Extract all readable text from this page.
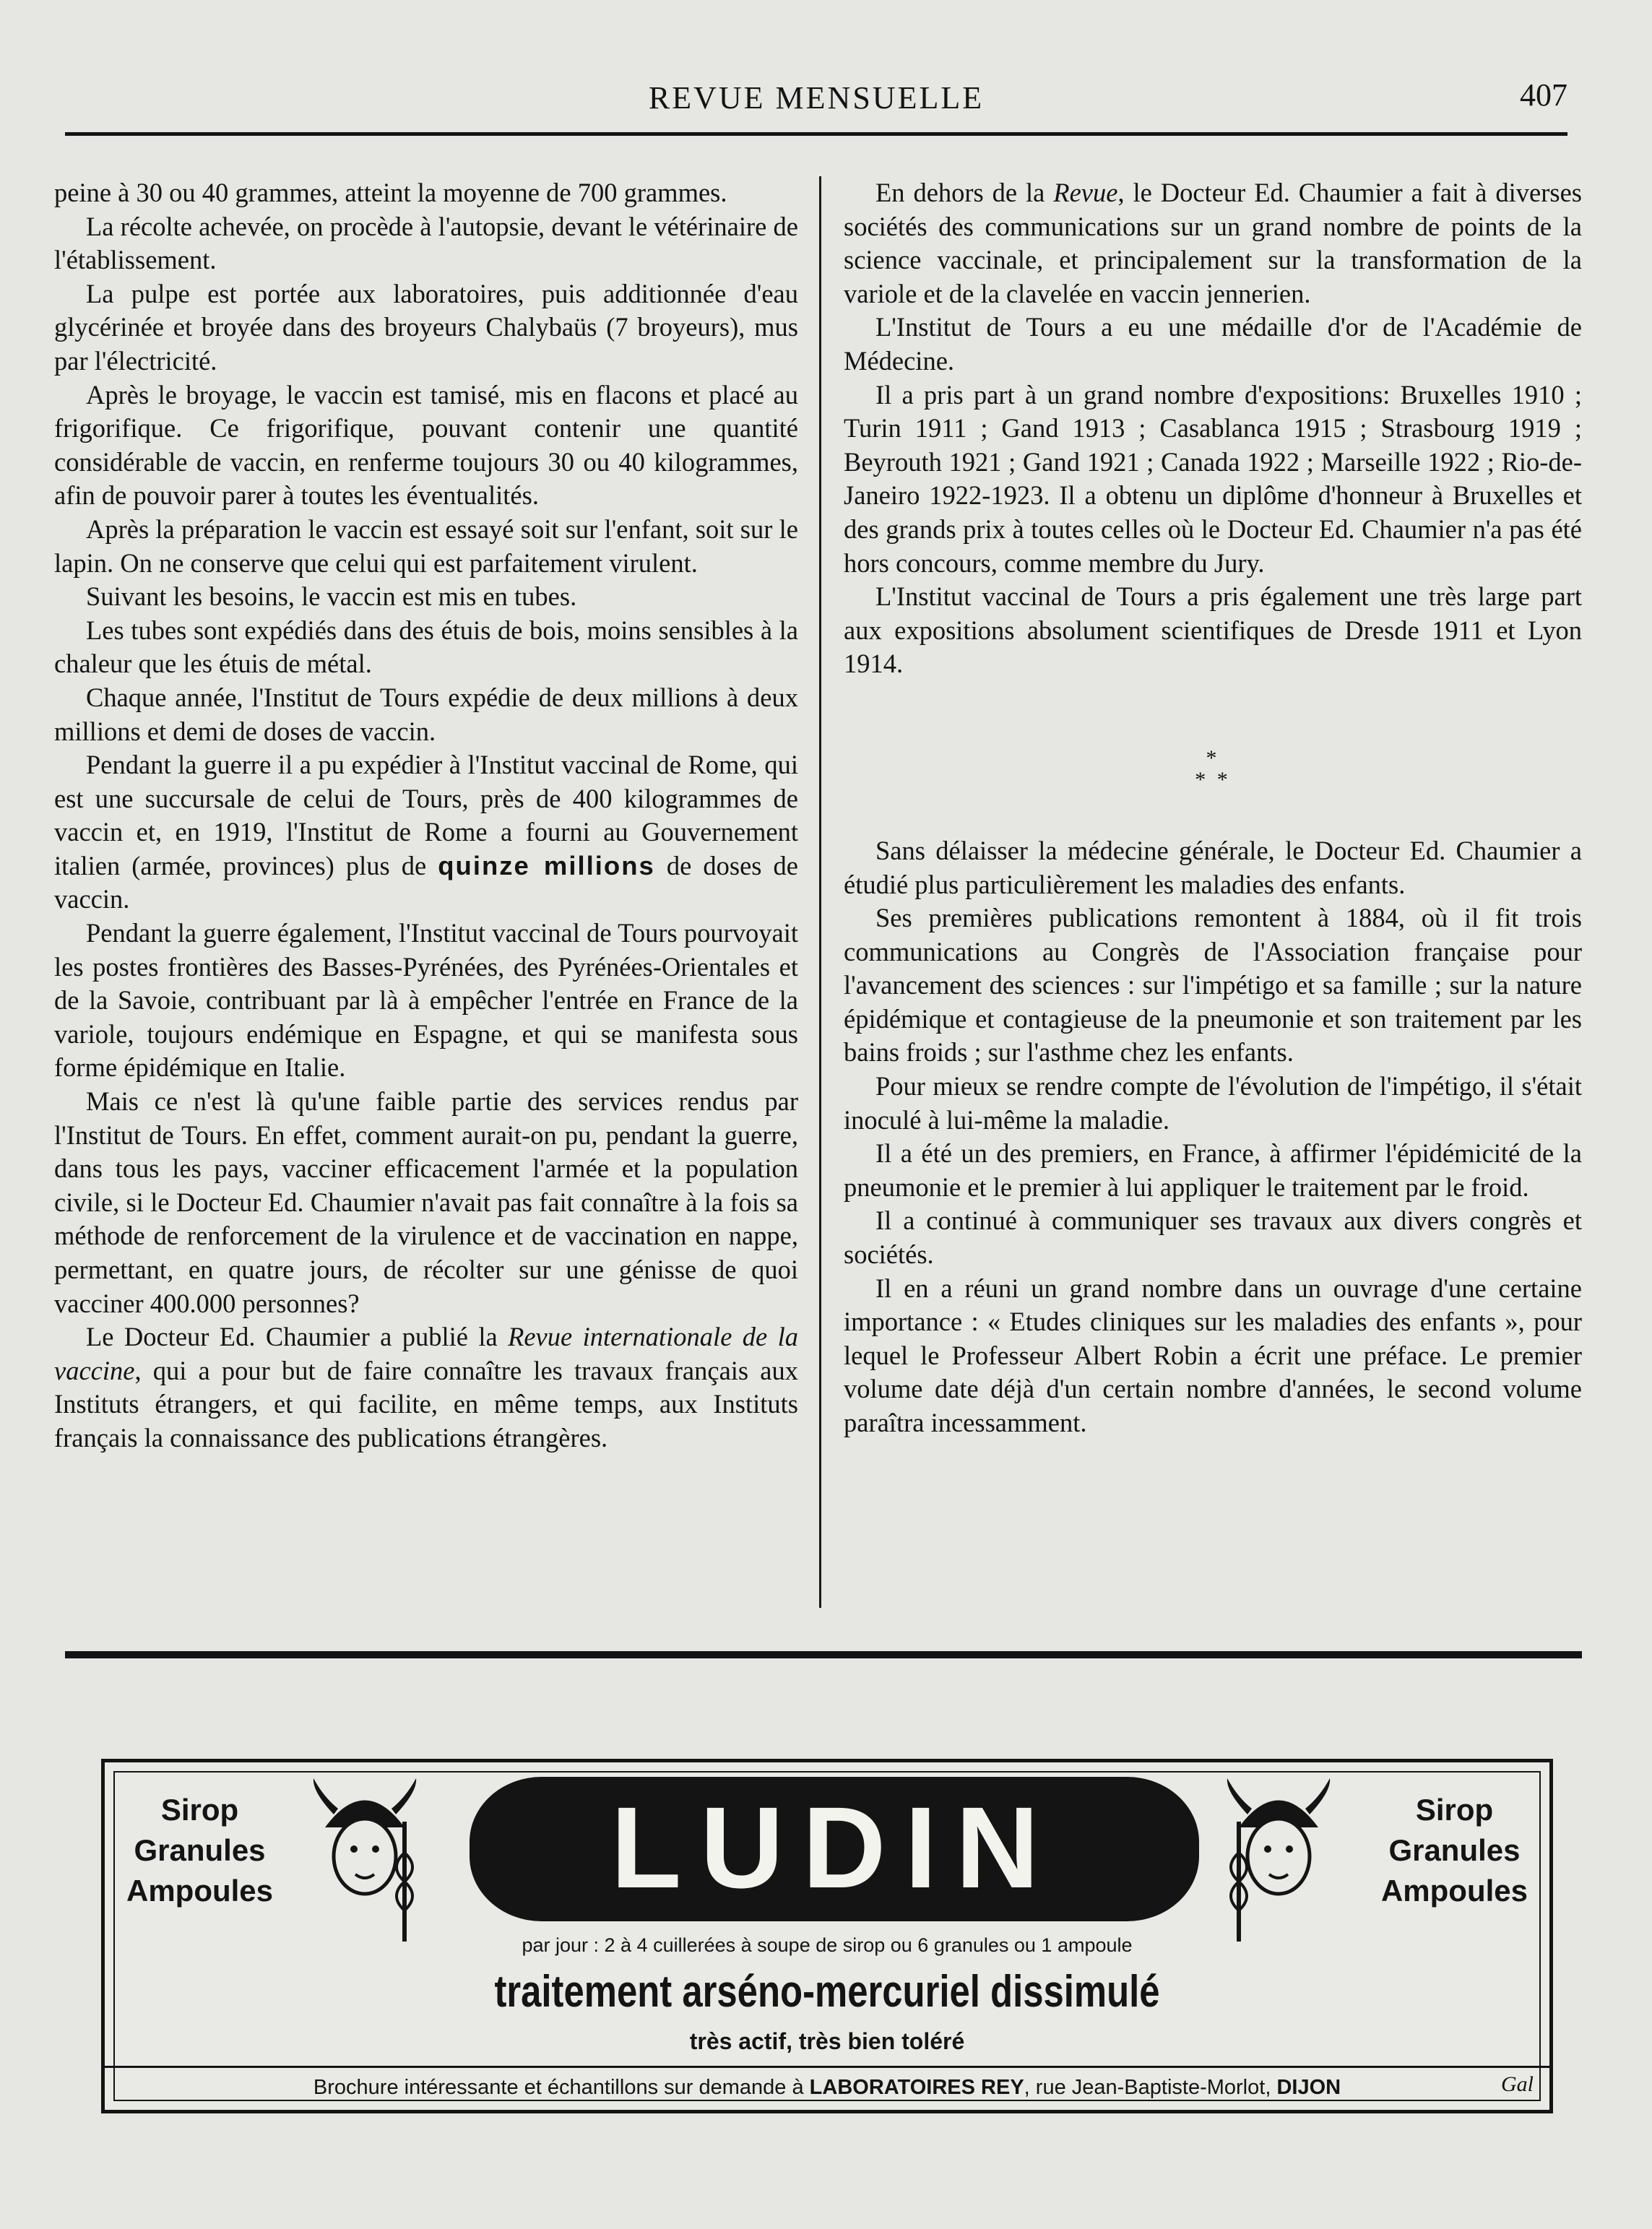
REVUE MENSUELLE	407

peine à 30 ou 40 grammes, atteint la moyenne de 700 grammes.

La récolte achevée, on procède à l'autopsie, devant le vétérinaire de l'établissement.

La pulpe est portée aux laboratoires, puis additionnée d'eau glycérinée et broyée dans des broyeurs Chalybaüs (7 broyeurs), mus par l'électricité.

Après le broyage, le vaccin est tamisé, mis en flacons et placé au frigorifique. Ce frigorifique, pouvant contenir une quantité considérable de vaccin, en renferme toujours 30 ou 40 kilogrammes, afin de pouvoir parer à toutes les éventualités.

Après la préparation le vaccin est essayé soit sur l'enfant, soit sur le lapin. On ne conserve que celui qui est parfaitement virulent.

Suivant les besoins, le vaccin est mis en tubes.

Les tubes sont expédiés dans des étuis de bois, moins sensibles à la chaleur que les étuis de métal.

Chaque année, l'Institut de Tours expédie de deux millions à deux millions et demi de doses de vaccin.

Pendant la guerre il a pu expédier à l'Institut vaccinal de Rome, qui est une succursale de celui de Tours, près de 400 kilogrammes de vaccin et, en 1919, l'Institut de Rome a fourni au Gouvernement italien (armée, provinces) plus de quinze millions de doses de vaccin.

Pendant la guerre également, l'Institut vaccinal de Tours pourvoyait les postes frontières des Basses-Pyrénées, des Pyrénées-Orientales et de la Savoie, contribuant par là à empêcher l'entrée en France de la variole, toujours endémique en Espagne, et qui se manifesta sous forme épidémique en Italie.

Mais ce n'est là qu'une faible partie des services rendus par l'Institut de Tours. En effet, comment aurait-on pu, pendant la guerre, dans tous les pays, vacciner efficacement l'armée et la population civile, si le Docteur Ed. Chaumier n'avait pas fait connaître à la fois sa méthode de renforcement de la virulence et de vaccination en nappe, permettant, en quatre jours, de récolter sur une génisse de quoi vacciner 400.000 personnes?

Le Docteur Ed. Chaumier a publié la Revue internationale de la vaccine, qui a pour but de faire connaître les travaux français aux Instituts étrangers, et qui facilite, en même temps, aux Instituts français la connaissance des publications étrangères.

En dehors de la Revue, le Docteur Ed. Chaumier a fait à diverses sociétés des communications sur un grand nombre de points de la science vaccinale, et principalement sur la transformation de la variole et de la clavelée en vaccin jennerien.

L'Institut de Tours a eu une médaille d'or de l'Académie de Médecine.

Il a pris part à un grand nombre d'expositions: Bruxelles 1910 ; Turin 1911 ; Gand 1913 ; Casablanca 1915 ; Strasbourg 1919 ; Beyrouth 1921 ; Gand 1921 ; Canada 1922 ; Marseille 1922 ; Rio-de-Janeiro 1922-1923. Il a obtenu un diplôme d'honneur à Bruxelles et des grands prix à toutes celles où le Docteur Ed. Chaumier n'a pas été hors concours, comme membre du Jury.

L'Institut vaccinal de Tours a pris également une très large part aux expositions absolument scientifiques de Dresde 1911 et Lyon 1914.

*
* *

Sans délaisser la médecine générale, le Docteur Ed. Chaumier a étudié plus particulièrement les maladies des enfants.

Ses premières publications remontent à 1884, où il fit trois communications au Congrès de l'Association française pour l'avancement des sciences : sur l'impétigo et sa famille ; sur la nature épidémique et contagieuse de la pneumonie et son traitement par les bains froids ; sur l'asthme chez les enfants.

Pour mieux se rendre compte de l'évolution de l'impétigo, il s'était inoculé à lui-même la maladie.

Il a été un des premiers, en France, à affirmer l'épidémicité de la pneumonie et le premier à lui appliquer le traitement par le froid.

Il a continué à communiquer ses travaux aux divers congrès et sociétés.

Il en a réuni un grand nombre dans un ouvrage d'une certaine importance : « Etudes cliniques sur les maladies des enfants », pour lequel le Professeur Albert Robin a écrit une préface. Le premier volume date déjà d'un certain nombre d'années, le second volume paraîtra incessamment.

Sirop
Granules
Ampoules
Sirop
Granules
Ampoules
LUDIN
par jour : 2 à 4 cuillerées à soupe de sirop ou 6 granules ou 1 ampoule
traitement arséno-mercuriel dissimulé
très actif, très bien toléré
Brochure intéressante et échantillons sur demande à LABORATOIRES REY, rue Jean-Baptiste-Morlot, DIJON	Gal
